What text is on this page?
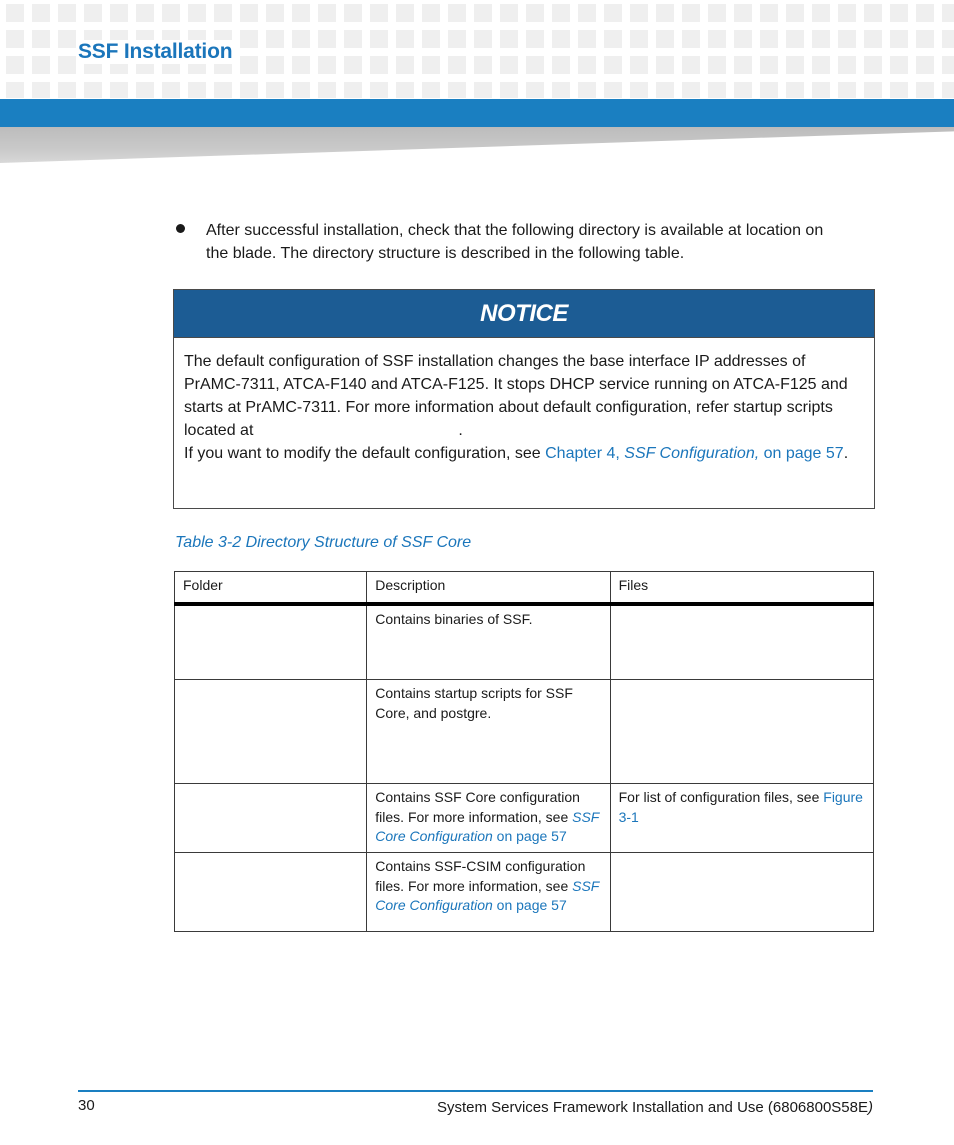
SSF Installation

After successful installation, check that the following directory is available at location on the blade. The directory structure is described in the following table.

NOTICE

The default configuration of SSF installation changes the base interface IP addresses of PrAMC-7311, ATCA-F140 and ATCA-F125. It stops DHCP service running on ATCA-F125 and starts at PrAMC-7311. For more information about default configuration, refer startup scripts located at	.

If you want to modify the default configuration, see Chapter 4, SSF Configuration, on page 57.

Table 3-2 Directory Structure of SSF Core

Folder	Description	Files
	Contains binaries of SSF.	
	Contains startup scripts for SSF Core, and postgre.	
	Contains SSF Core configuration files. For more information, see SSF Core Configuration on page 57	For list of configuration files, see Figure 3-1
	Contains SSF-CSIM configuration files. For more information, see SSF Core Configuration on page 57	

30	System Services Framework Installation and Use (6806800S58E)
